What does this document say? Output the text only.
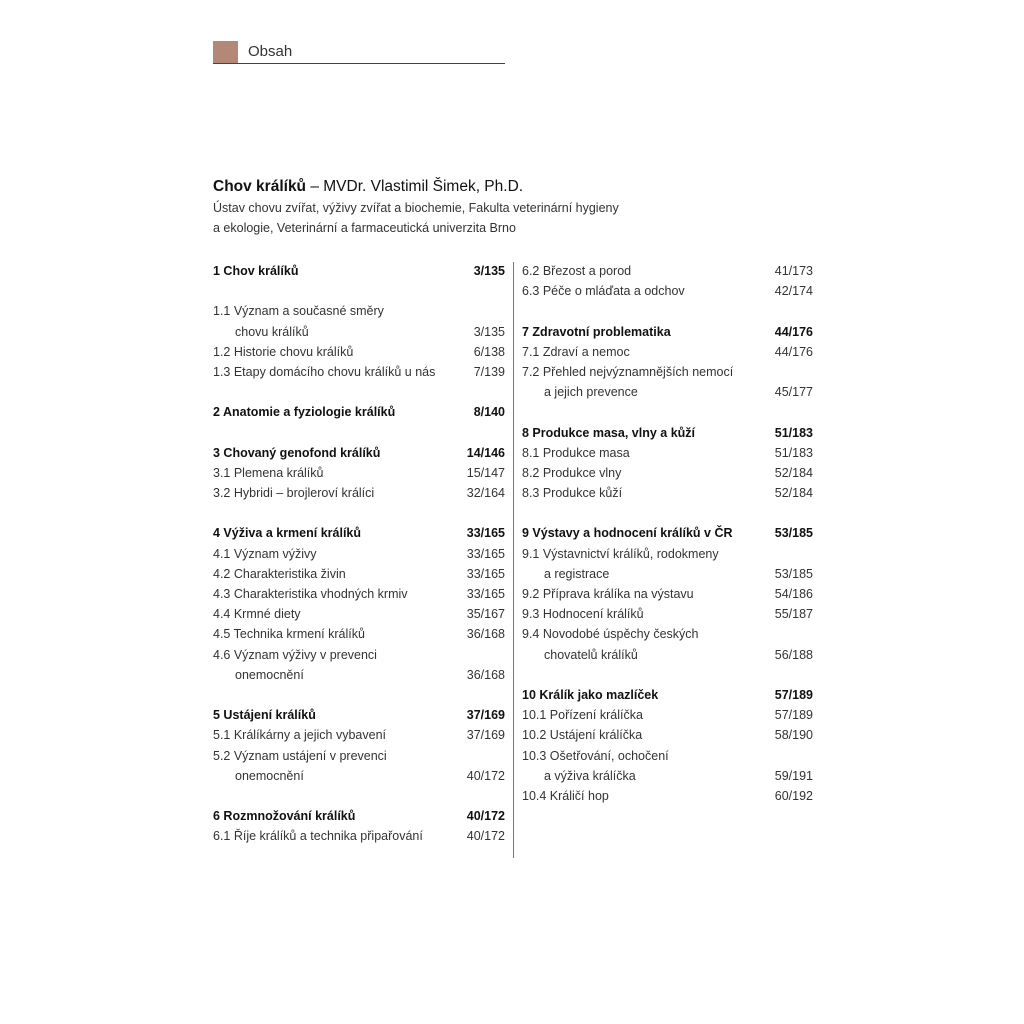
Obsah
Chov králíků – MVDr. Vlastimil Šimek, Ph.D.
Ústav chovu zvířat, výživy zvířat a biochemie, Fakulta veterinární hygieny
a ekologie, Veterinární a farmaceutická univerzita Brno
1 Chov králíků	3/135
1.1 Význam a současné směry
chovu králíků	3/135
1.2 Historie chovu králíků	6/138
1.3 Etapy domácího chovu králíků u nás	7/139
2 Anatomie a fyziologie králíků	8/140
3 Chovaný genofond králíků	14/146
3.1 Plemena králíků	15/147
3.2 Hybridi – brojleroví králíci	32/164
4 Výživa a krmení králíků	33/165
4.1 Význam výživy	33/165
4.2 Charakteristika živin	33/165
4.3 Charakteristika vhodných krmiv	33/165
4.4 Krmné diety	35/167
4.5 Technika krmení králíků	36/168
4.6 Význam výživy v prevenci
onemocnění	36/168
5 Ustájení králíků	37/169
5.1 Králíkárny a jejich vybavení	37/169
5.2 Význam ustájení v prevenci
onemocnění	40/172
6 Rozmnožování králíků	40/172
6.1 Říje králíků a technika připařování	40/172
6.2 Březost a porod	41/173
6.3 Péče o mláďata a odchov	42/174
7 Zdravotní problematika	44/176
7.1 Zdraví a nemoc	44/176
7.2 Přehled nejvýznamnějších nemocí
a jejich prevence	45/177
8 Produkce masa, vlny a kůží	51/183
8.1 Produkce masa	51/183
8.2 Produkce vlny	52/184
8.3 Produkce kůží	52/184
9 Výstavy a hodnocení králíků v ČR	53/185
9.1 Výstavnictví králíků, rodokmeny
a registrace	53/185
9.2 Příprava králíka na výstavu	54/186
9.3 Hodnocení králíků	55/187
9.4 Novodobé úspěchy českých
chovatelů králíků	56/188
10 Králík jako mazlíček	57/189
10.1 Pořízení králíčka	57/189
10.2 Ustájení králíčka	58/190
10.3 Ošetřování, ochočení
a výživa králíčka	59/191
10.4 Králičí hop	60/192
